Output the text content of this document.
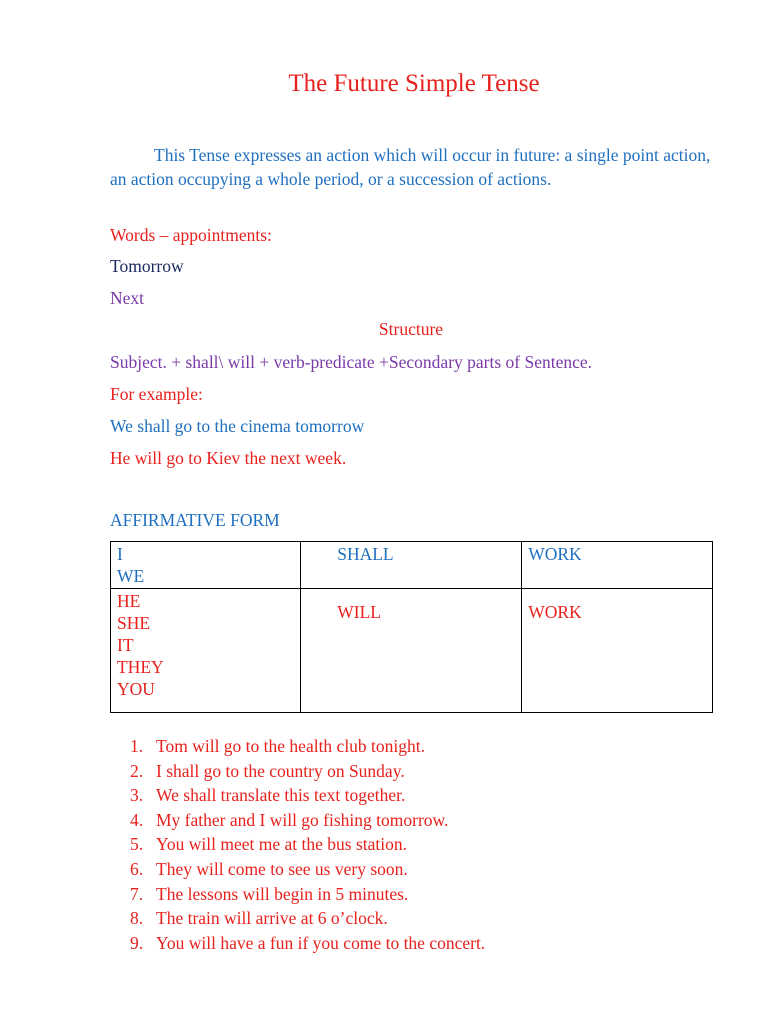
The Future Simple Tense
This Tense expresses an action which will occur in future: a single point action, an action occupying a whole period, or a succession of actions.
Words – appointments:
Tomorrow
Next
Structure
Subject. + shall\ will + verb-predicate +Secondary parts of Sentence.
For example:
We shall go to the cinema tomorrow
He will go to Kiev the next week.
AFFIRMATIVE FORM
I
WE	SHALL	WORK

HE
SHE
IT
THEY
YOU	WILL	WORK
1. Tom will go to the health club tonight.
2. I shall go to the country on Sunday.
3. We shall translate this text together.
4. My father and I will go fishing tomorrow.
5. You will meet me at the bus station.
6. They will come to see us very soon.
7. The lessons will begin in 5 minutes.
8. The train will arrive at 6 o’clock.
9. You will have a fun if you come to the concert.
